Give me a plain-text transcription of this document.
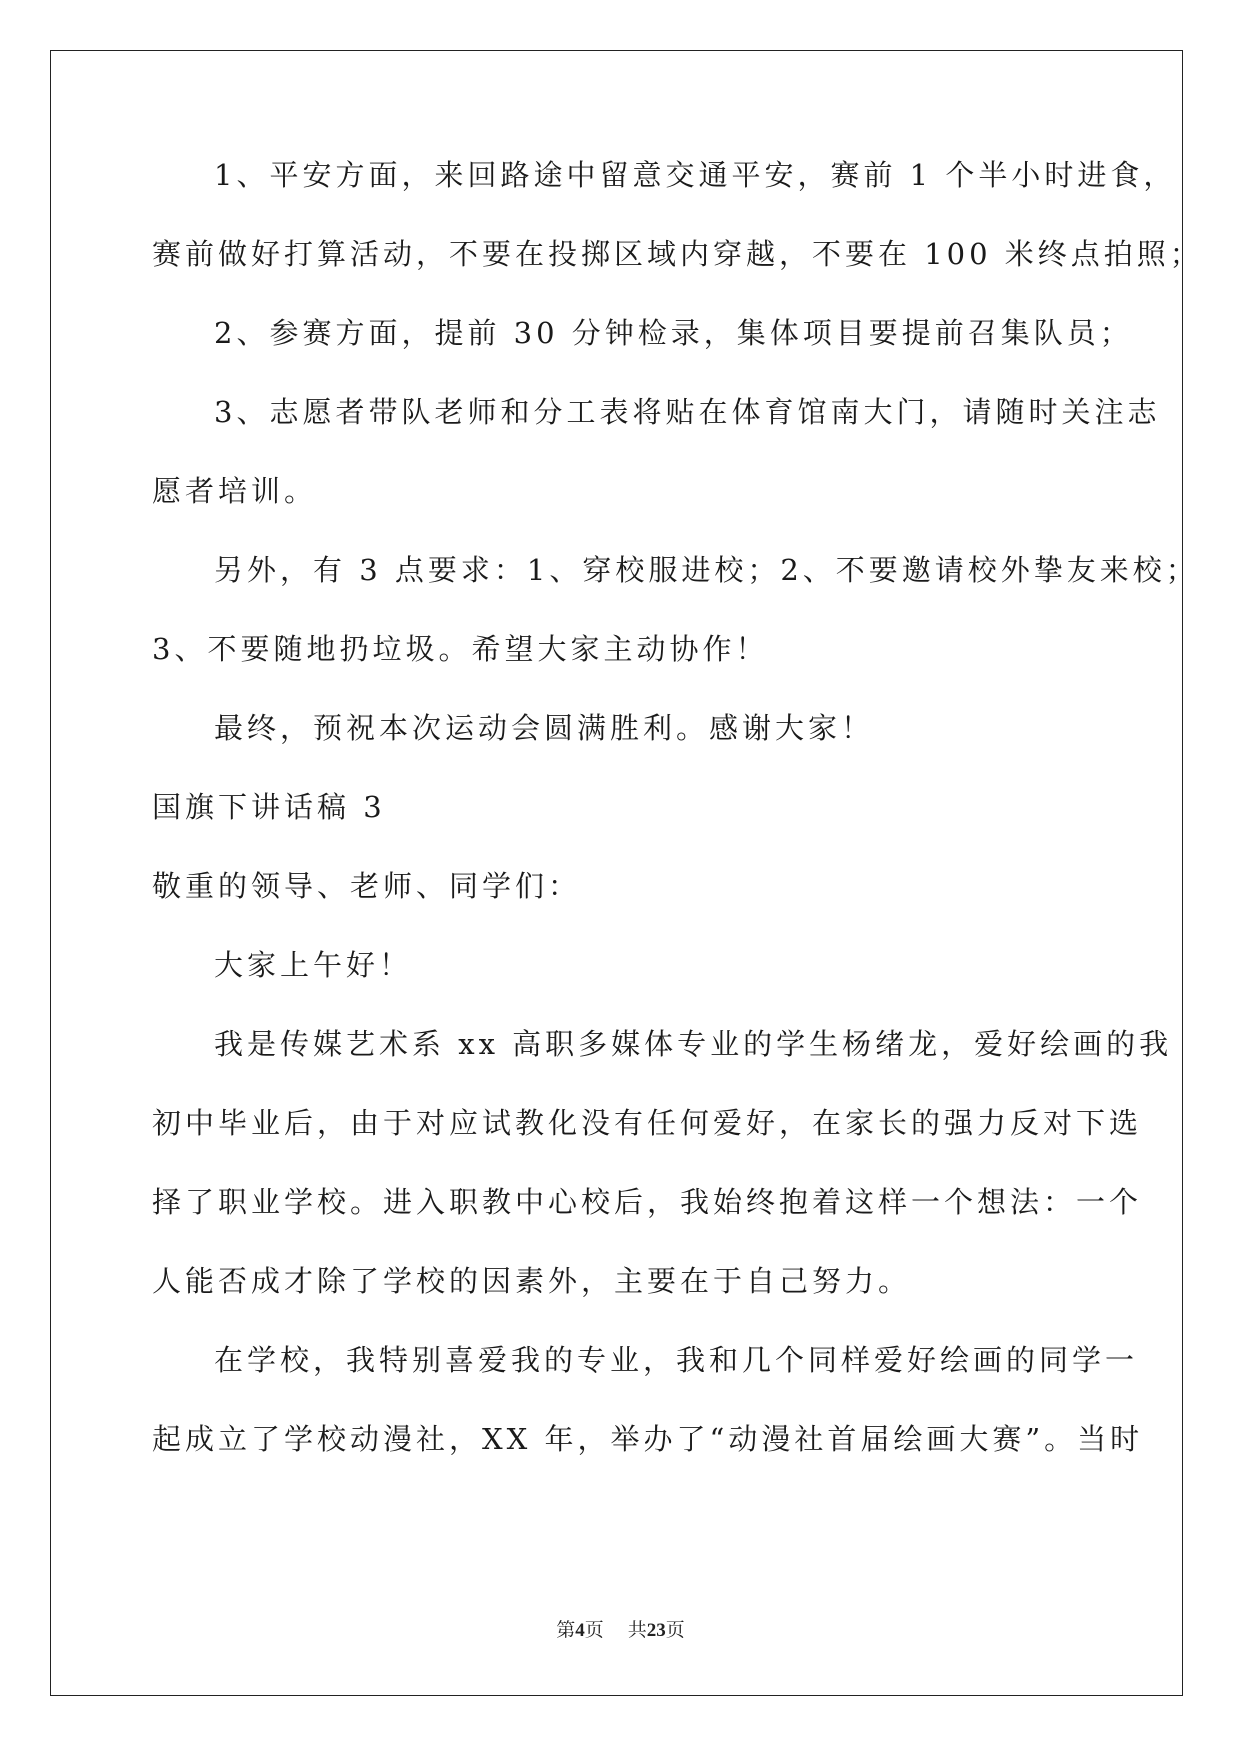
1、平安方面，来回路途中留意交通平安，赛前 1 个半小时进食，
赛前做好打算活动，不要在投掷区域内穿越，不要在 100 米终点拍照；
2、参赛方面，提前 30 分钟检录，集体项目要提前召集队员；
3、志愿者带队老师和分工表将贴在体育馆南大门，请随时关注志
愿者培训。
另外，有 3 点要求：1、穿校服进校；2、不要邀请校外挚友来校；
3、不要随地扔垃圾。希望大家主动协作！
最终，预祝本次运动会圆满胜利。感谢大家！
国旗下讲话稿 3
敬重的领导、老师、同学们：
大家上午好！
我是传媒艺术系 xx 高职多媒体专业的学生杨绪龙，爱好绘画的我
初中毕业后，由于对应试教化没有任何爱好，在家长的强力反对下选
择了职业学校。进入职教中心校后，我始终抱着这样一个想法：一个
人能否成才除了学校的因素外，主要在于自己努力。
在学校，我特别喜爱我的专业，我和几个同样爱好绘画的同学一
起成立了学校动漫社，XX 年，举办了“动漫社首届绘画大赛”。当时
第4页 共23页
